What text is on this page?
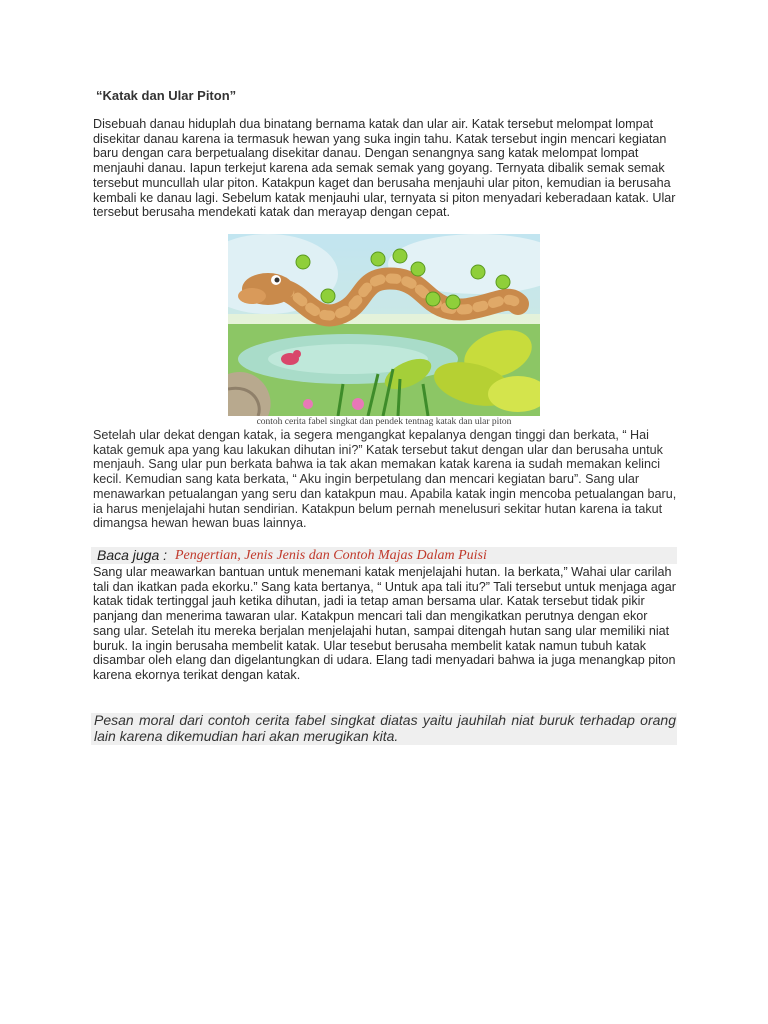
“Katak dan Ular Piton”
Disebuah danau hiduplah dua binatang bernama katak dan ular air. Katak tersebut melompat lompat disekitar danau karena ia termasuk hewan yang suka ingin tahu. Katak tersebut ingin mencari kegiatan baru dengan cara berpetualang disekitar danau. Dengan senangnya sang katak melompat lompat menjauhi danau. Iapun terkejut karena ada semak semak yang goyang. Ternyata dibalik semak semak tersebut muncullah ular piton. Katakpun kaget dan berusaha menjauhi ular piton, kemudian ia berusaha kembali ke danau lagi. Sebelum katak menjauhi ular, ternyata si piton menyadari keberadaan katak. Ular tersebut berusaha mendekati katak dan merayap dengan cepat.
contoh cerita fabel singkat dan pendek tentnag katak dan ular piton
Setelah ular dekat dengan katak, ia segera mengangkat kepalanya dengan tinggi dan berkata, “ Hai katak gemuk apa yang kau lakukan dihutan ini?” Katak tersebut takut dengan ular dan berusaha untuk menjauh. Sang ular pun berkata bahwa ia tak akan memakan katak karena ia sudah memakan kelinci kecil. Kemudian sang kata berkata, “ Aku ingin berpetulang dan mencari kegiatan baru”. Sang ular menawarkan petualangan yang seru dan katakpun mau. Apabila katak ingin mencoba petualangan baru, ia harus menjelajahi hutan sendirian. Katakpun belum pernah menelusuri sekitar hutan karena ia takut dimangsa hewan hewan buas lainnya.
Baca juga : Pengertian, Jenis Jenis dan Contoh Majas Dalam Puisi
Sang ular meawarkan bantuan untuk menemani katak menjelajahi hutan. Ia berkata,” Wahai ular carilah tali dan ikatkan pada ekorku.” Sang kata bertanya, “ Untuk apa tali itu?” Tali tersebut untuk menjaga agar katak tidak tertinggal jauh ketika dihutan, jadi ia tetap aman bersama ular. Katak tersebut tidak pikir panjang dan menerima tawaran ular. Katakpun mencari tali dan mengikatkan perutnya dengan ekor sang ular. Setelah itu mereka berjalan menjelajahi hutan, sampai ditengah hutan sang ular memiliki niat buruk. Ia ingin berusaha membelit katak. Ular tesebut berusaha membelit katak namun tubuh katak disambar oleh elang dan digelantungkan di udara. Elang tadi menyadari bahwa ia juga menangkap piton karena ekornya terikat dengan katak.
Pesan moral dari contoh cerita fabel singkat diatas yaitu jauhilah niat buruk terhadap orang lain karena dikemudian hari akan merugikan kita.
